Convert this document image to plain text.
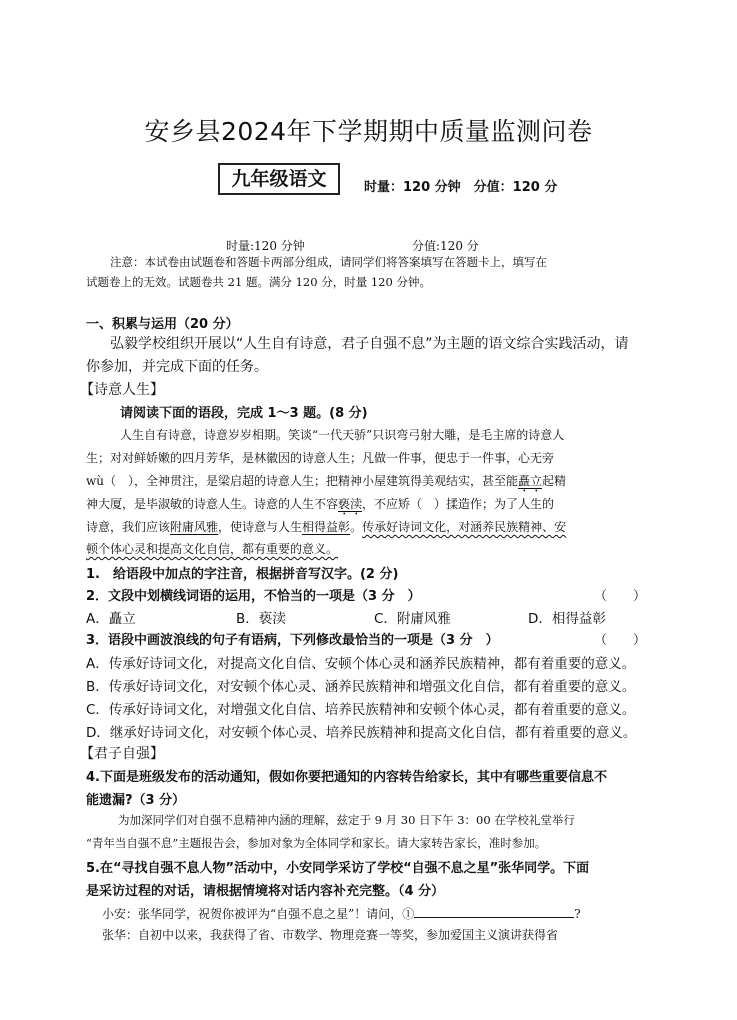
安乡县2024年下学期期中质量监测问卷
九年级语文	时量：120 分钟　分值：120 分
时量:120 分钟	分值:120 分
注意：本试卷由试题卷和答题卡两部分组成，请同学们将答案填写在答题卡上，填写在
试题卷上的无效。试题卷共 21 题。满分 120 分，时量 120 分钟。
一、积累与运用（20 分）
弘毅学校组织开展以“人生自有诗意，君子自强不息”为主题的语文综合实践活动，请
你参加，并完成下面的任务。
【诗意人生】
请阅读下面的语段，完成 1～3 题。(8 分)
人生自有诗意，诗意岁岁相期。笑谈“一代天骄”只识弯弓射大雕，是毛主席的诗意人
生；对对鲜娇嫩的四月芳华，是林徽因的诗意人生；凡做一件事，便忠于一件事，心无旁
wù（　），全神贯注，是梁启超的诗意人生；把精神小屋建筑得美观结实，甚至能矗立起精
神大厦，是毕淑敏的诗意人生。诗意的人生不容亵渎，不应矫（　）揉造作；为了人生的
诗意，我们应该附庸风雅，使诗意与人生相得益彰。传承好诗词文化，对涵养民族精神、安
顿个体心灵和提高文化自信，都有重要的意义。
1.　给语段中加点的字注音，根据拼音写汉字。(2 分)
2．文段中划横线词语的运用，不恰当的一项是（3 分　）	（　　）
A．矗立	B．亵渎	C．附庸风雅	D．相得益彰
3．语段中画波浪线的句子有语病，下列修改最恰当的一项是（3 分　）	（　　）
A．传承好诗词文化，对提高文化自信、安顿个体心灵和涵养民族精神，都有着重要的意义。
B．传承好诗词文化，对安顿个体心灵、涵养民族精神和增强文化自信，都有着重要的意义。
C．传承好诗词文化，对增强文化自信、培养民族精神和安顿个体心灵，都有着重要的意义。
D．继承好诗词文化，对安顿个体心灵、培养民族精神和提高文化自信，都有着重要的意义。
【君子自强】
4.下面是班级发布的活动通知，假如你要把通知的内容转告给家长，其中有哪些重要信息不
能遗漏?（3 分）
为加深同学们对自强不息精神内涵的理解，兹定于 9 月 30 日下午 3：00 在学校礼堂举行
“青年当自强不息”主题报告会，参加对象为全体同学和家长。请大家转告家长，准时参加。
5.在“寻找自强不息人物”活动中，小安同学采访了学校“自强不息之星”张华同学。下面
是采访过程的对话，请根据情境将对话内容补充完整。（4 分）
小安：张华同学，祝贺你被评为“自强不息之星”！请问，①	?
张华：自初中以来，我获得了省、市数学、物理竞赛一等奖，参加爱国主义演讲获得省
